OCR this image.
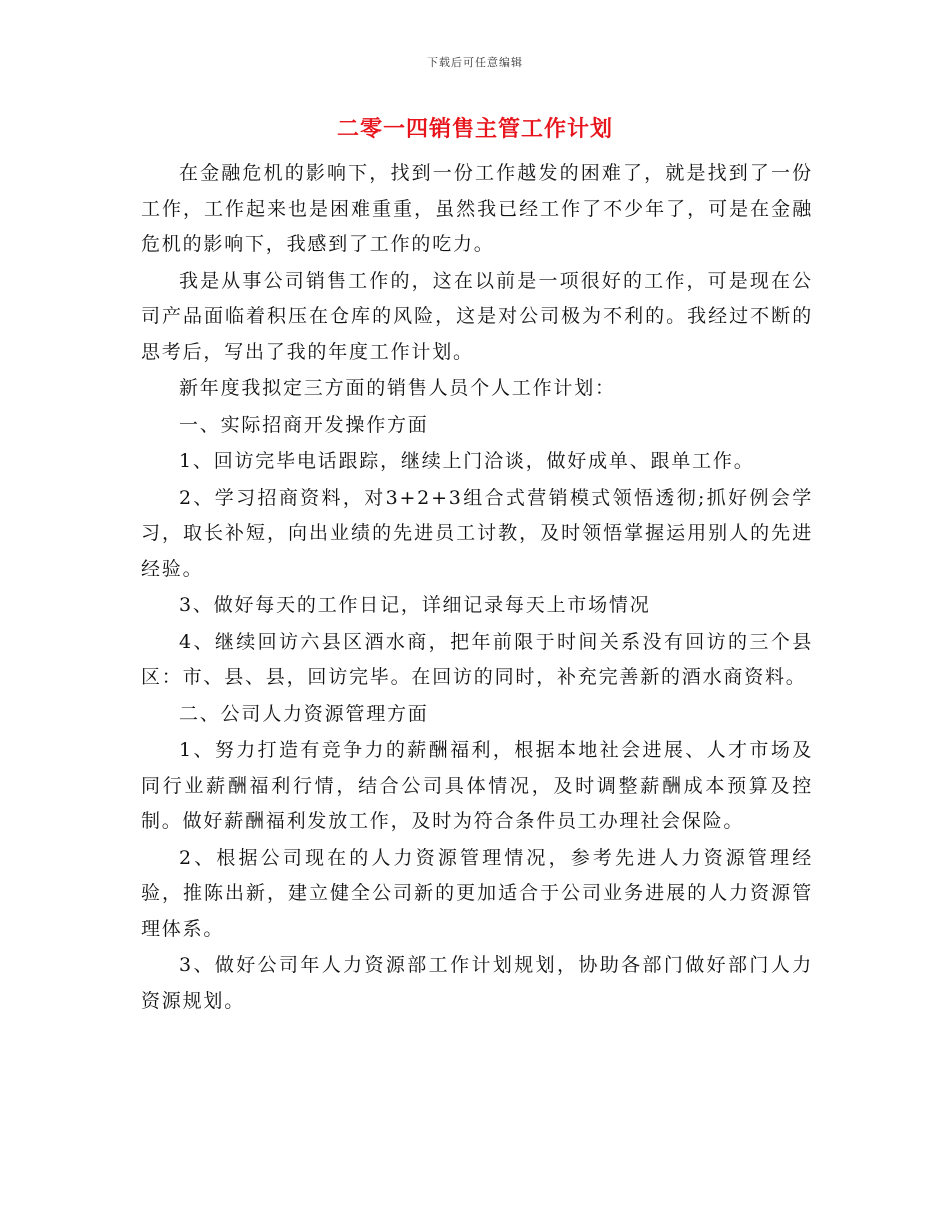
下载后可任意编辑
二零一四销售主管工作计划

在金融危机的影响下，找到一份工作越发的困难了，就是找到了一份工作，工作起来也是困难重重，虽然我已经工作了不少年了，可是在金融危机的影响下，我感到了工作的吃力。

我是从事公司销售工作的，这在以前是一项很好的工作，可是现在公司产品面临着积压在仓库的风险，这是对公司极为不利的。我经过不断的思考后，写出了我的年度工作计划。

新年度我拟定三方面的销售人员个人工作计划：

一、实际招商开发操作方面

1、回访完毕电话跟踪，继续上门洽谈，做好成单、跟单工作。

2、学习招商资料，对3+2+3组合式营销模式领悟透彻;抓好例会学习，取长补短，向出业绩的先进员工讨教，及时领悟掌握运用别人的先进经验。

3、做好每天的工作日记，详细记录每天上市场情况

4、继续回访六县区酒水商，把年前限于时间关系没有回访的三个县区：市、县、县，回访完毕。在回访的同时，补充完善新的酒水商资料。

二、公司人力资源管理方面

1、努力打造有竞争力的薪酬福利，根据本地社会进展、人才市场及同行业薪酬福利行情，结合公司具体情况，及时调整薪酬成本预算及控制。做好薪酬福利发放工作，及时为符合条件员工办理社会保险。

2、根据公司现在的人力资源管理情况，参考先进人力资源管理经验，推陈出新，建立健全公司新的更加适合于公司业务进展的人力资源管理体系。

3、做好公司年人力资源部工作计划规划，协助各部门做好部门人力资源规划。
